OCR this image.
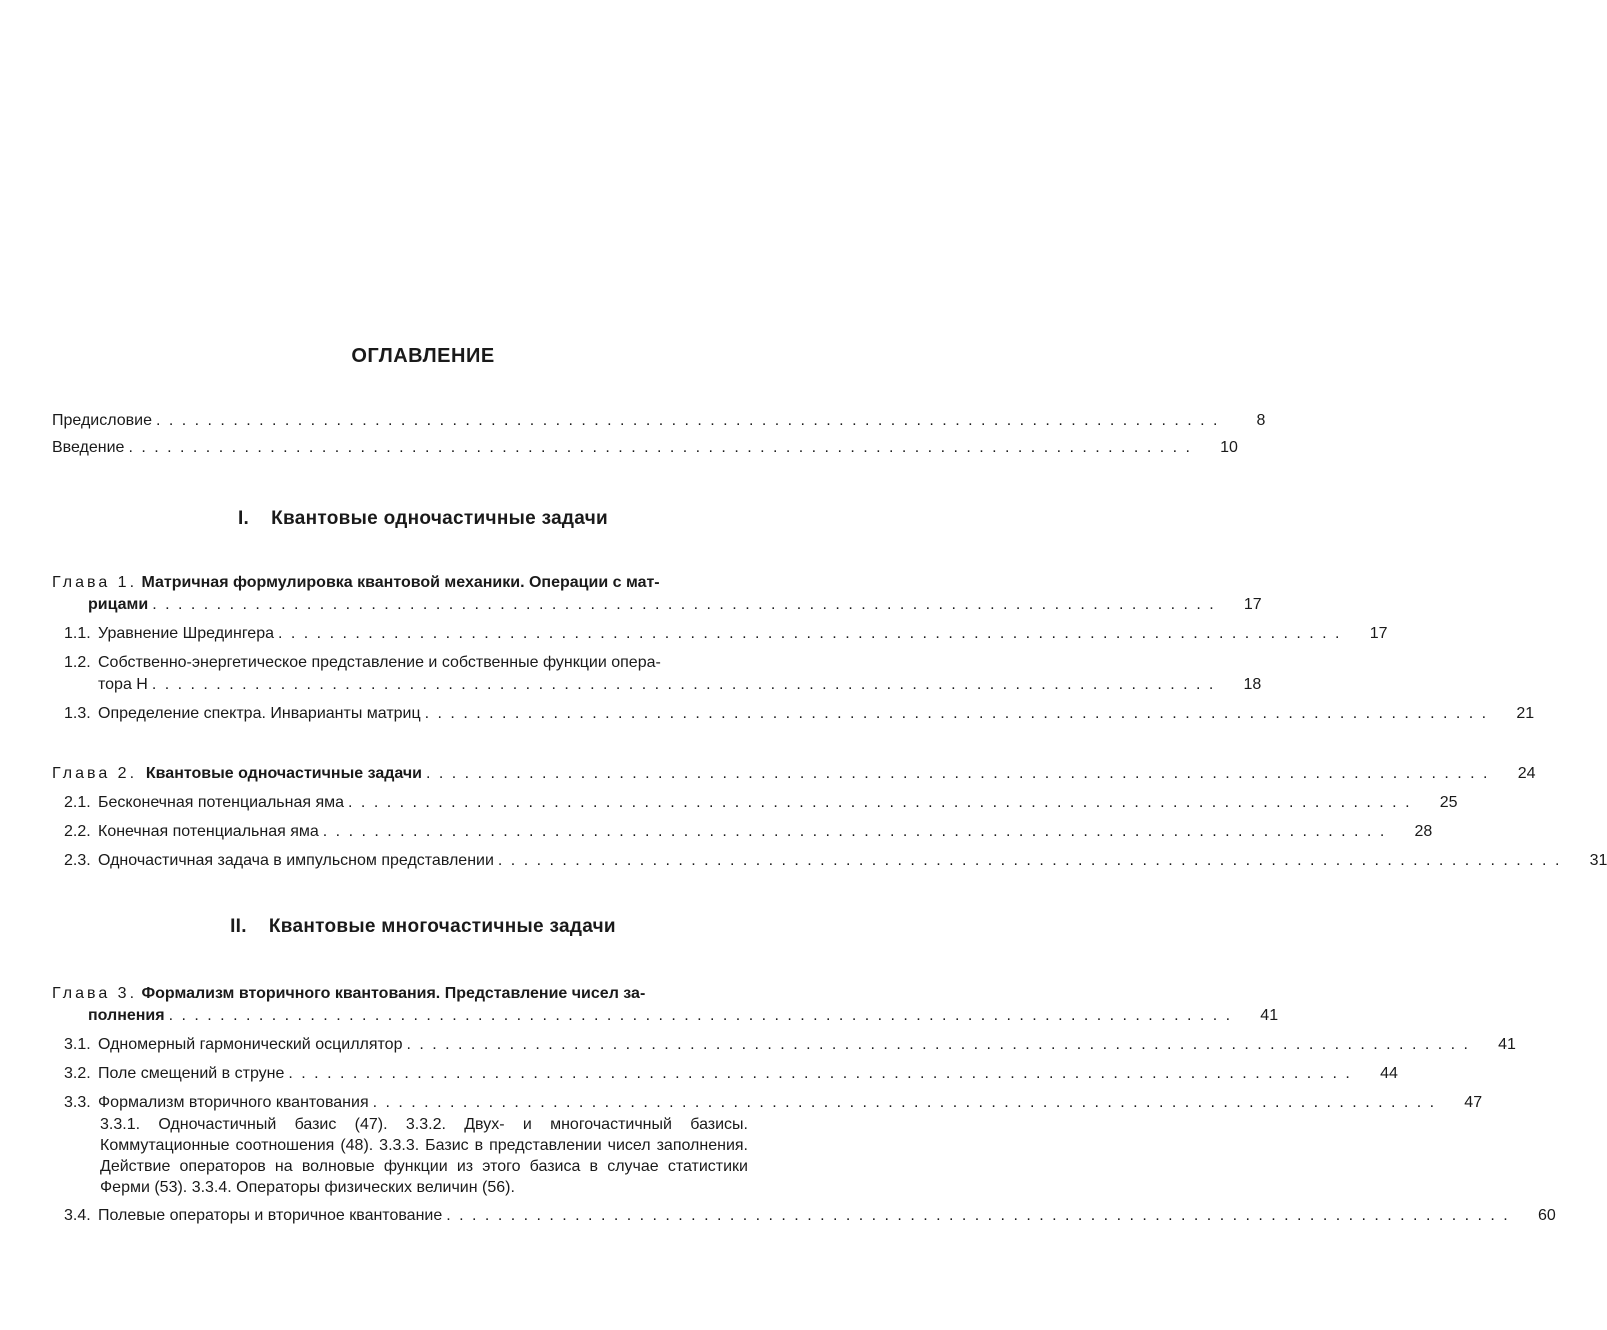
ОГЛАВЛЕНИЕ
Предисловие . . . . . . . . . . . . . . . . . . . . . . . . . . . . . . . . . . . . . . . . . . . . . . . . . . . . . . . . . . . . . . . . . . . . . . . . . . . . . . . . . . .	8
Введение . . . . . . . . . . . . . . . . . . . . . . . . . . . . . . . . . . . . . . . . . . . . . . . . . . . . . . . . . . . . . . . . . . . . . . . . . . . . . . . . . . .	10
I. Квантовые одночастичные задачи
Глава 1. Матричная формулировка квантовой механики. Операции с мат-
рицами . . . . . . . . . . . . . . . . . . . . . . . . . . . . . . . . . . . . . . . . . . . . . . . . . . . . . . . . . . . . . . . . . . . . . . . . . . . . . . . . . . .	17
1.1. Уравнение Шредингера . . . . . . . . . . . . . . . . . . . . . . . . . . . . . . . . . . . . . . . . . . . . . . . . . . . . . . . . . . . . . . . . . . . . . . . . . . . . . . . . . . .	17
1.2. Собственно-энергетическое представление и собственные функции опера-
тора H . . . . . . . . . . . . . . . . . . . . . . . . . . . . . . . . . . . . . . . . . . . . . . . . . . . . . . . . . . . . . . . . . . . . . . . . . . . . . . . . . . .	18
1.3. Определение спектра. Инварианты матриц . . . . . . . . . . . . . . . . . . . . . . . . . . . . . . . . . . . . . . . . . . . . . . . . . . . . . . . . . . . . . . . . . . . . . . . . . . . . . . . . . . .	21
Глава 2. Квантовые одночастичные задачи . . . . . . . . . . . . . . . . . . . . . . . . . . . . . . . . . . . . . . . . . . . . . . . . . . . . . . . . . . . . . . . . . . . . . . . . . . . . . . . . . . .	24
2.1. Бесконечная потенциальная яма . . . . . . . . . . . . . . . . . . . . . . . . . . . . . . . . . . . . . . . . . . . . . . . . . . . . . . . . . . . . . . . . . . . . . . . . . . . . . . . . . . .	25
2.2. Конечная потенциальная яма . . . . . . . . . . . . . . . . . . . . . . . . . . . . . . . . . . . . . . . . . . . . . . . . . . . . . . . . . . . . . . . . . . . . . . . . . . . . . . . . . . .	28
2.3. Одночастичная задача в импульсном представлении . . . . . . . . . . . . . . . . . . . . . . . . . . . . . . . . . . . . . . . . . . . . . . . . . . . . . . . . . . . . . . . . . . . . . . . . . . . . . . . . . . .	31
II. Квантовые многочастичные задачи
Глава 3. Формализм вторичного квантования. Представление чисел за-
полнения . . . . . . . . . . . . . . . . . . . . . . . . . . . . . . . . . . . . . . . . . . . . . . . . . . . . . . . . . . . . . . . . . . . . . . . . . . . . . . . . . . .	41
3.1. Одномерный гармонический осциллятор . . . . . . . . . . . . . . . . . . . . . . . . . . . . . . . . . . . . . . . . . . . . . . . . . . . . . . . . . . . . . . . . . . . . . . . . . . . . . . . . . . .	41
3.2. Поле смещений в струне . . . . . . . . . . . . . . . . . . . . . . . . . . . . . . . . . . . . . . . . . . . . . . . . . . . . . . . . . . . . . . . . . . . . . . . . . . . . . . . . . . .	44
3.3. Формализм вторичного квантования . . . . . . . . . . . . . . . . . . . . . . . . . . . . . . . . . . . . . . . . . . . . . . . . . . . . . . . . . . . . . . . . . . . . . . . . . . . . . . . . . . .	47
3.3.1. Одночастичный базис (47). 3.3.2. Двух- и многочастичный базисы. Коммутационные соотношения (48). 3.3.3. Базис в представлении чисел заполнения. Действие операторов на волновые функции из этого базиса в случае статистики Ферми (53). 3.3.4. Операторы физических величин (56).
3.4. Полевые операторы и вторичное квантование . . . . . . . . . . . . . . . . . . . . . . . . . . . . . . . . . . . . . . . . . . . . . . . . . . . . . . . . . . . . . . . . . . . . . . . . . . . . . . . . . . .	60
